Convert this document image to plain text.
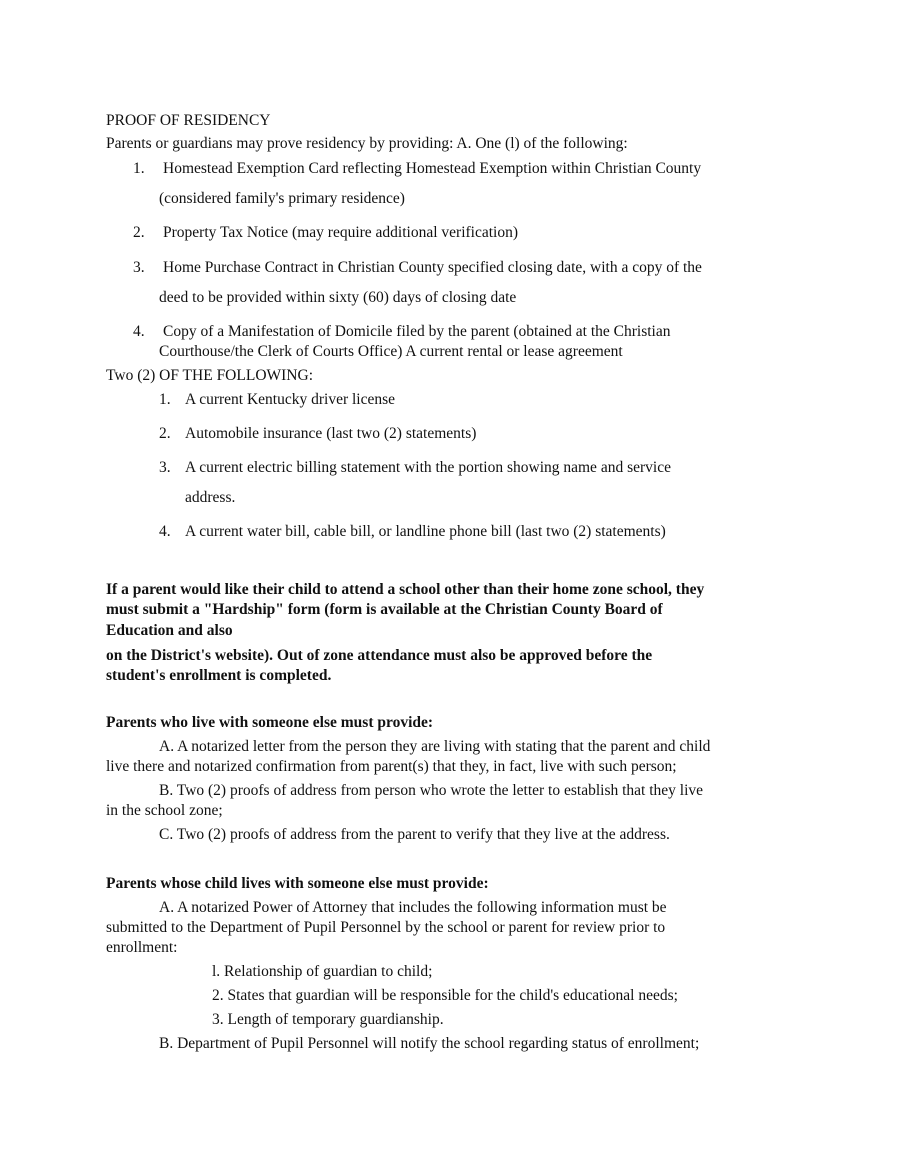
PROOF OF RESIDENCY
Parents or guardians may prove residency by providing: A. One (l) of the following:
1. Homestead Exemption Card reflecting Homestead Exemption within Christian County
(considered family's primary residence)
2. Property Tax Notice (may require additional verification)
3. Home Purchase Contract in Christian County specified closing date, with a copy of the
deed to be provided within sixty (60) days of closing date
4. Copy of a Manifestation of Domicile filed by the parent (obtained at the Christian
Courthouse/the Clerk of Courts Office) A current rental or lease agreement
Two (2) OF THE FOLLOWING:
1. A current Kentucky driver license
2. Automobile insurance (last two (2) statements)
3. A current electric billing statement with the portion showing name and service
address.
4. A current water bill, cable bill, or landline phone bill (last two (2) statements)
If a parent would like their child to attend a school other than their home zone school, they
must submit a "Hardship" form (form is available at the Christian County Board of
Education and also
on the District's website). Out of zone attendance must also be approved before the
student's enrollment is completed.
Parents who live with someone else must provide:
A. A notarized letter from the person they are living with stating that the parent and child
live there and notarized confirmation from parent(s) that they, in fact, live with such person;
B. Two (2) proofs of address from person who wrote the letter to establish that they live
in the school zone;
C. Two (2) proofs of address from the parent to verify that they live at the address.
Parents whose child lives with someone else must provide:
A. A notarized Power of Attorney that includes the following information must be
submitted to the Department of Pupil Personnel by the school or parent for review prior to
enrollment:
l. Relationship of guardian to child;
2. States that guardian will be responsible for the child's educational needs;
3. Length of temporary guardianship.
B. Department of Pupil Personnel will notify the school regarding status of enrollment;
